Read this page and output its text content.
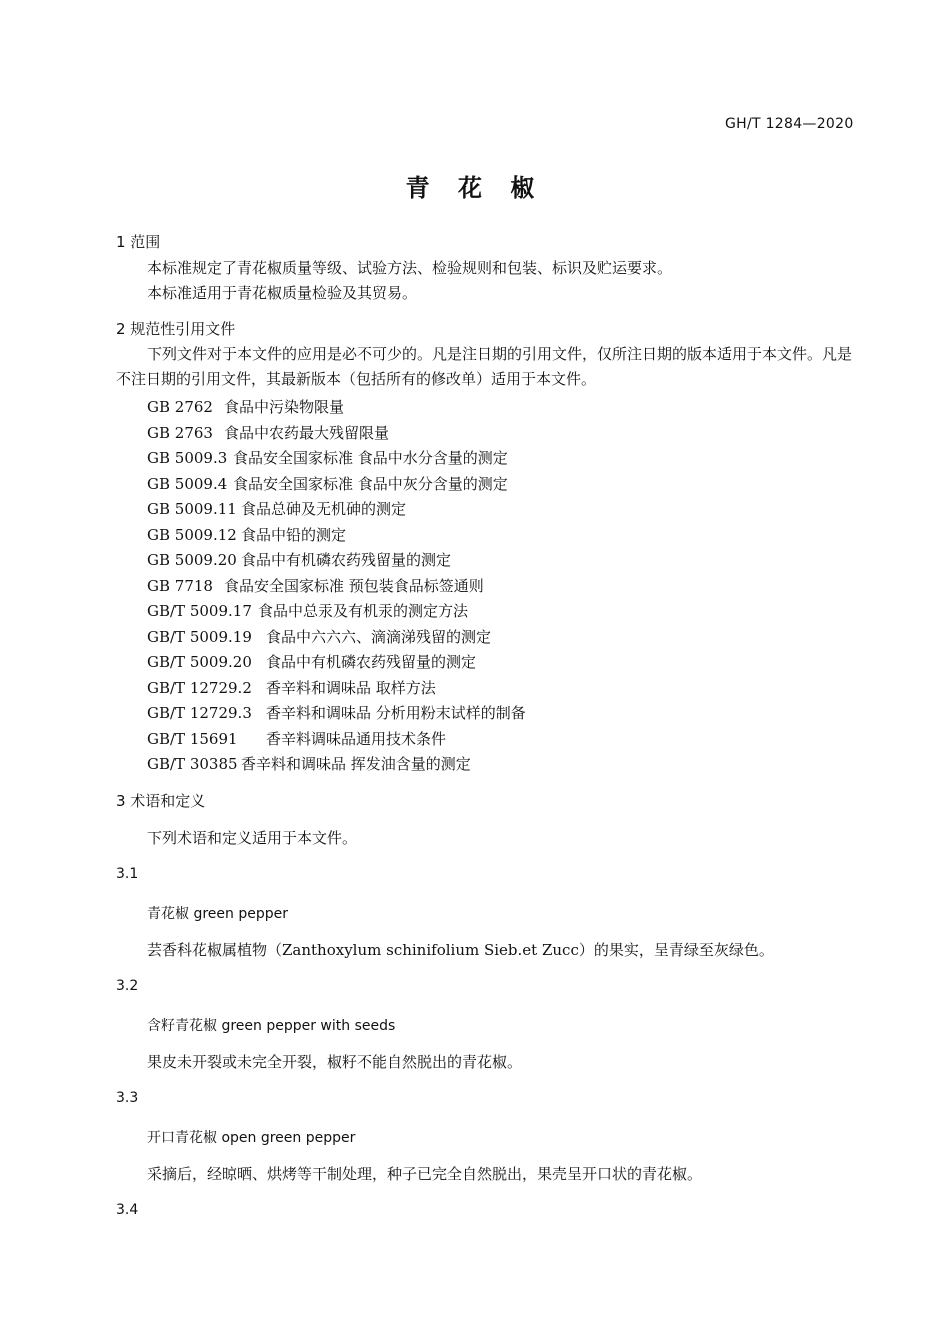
GH/T 1284—2020
青 花 椒
1 范围
本标准规定了青花椒质量等级、试验方法、检验规则和包装、标识及贮运要求。
本标准适用于青花椒质量检验及其贸易。
2 规范性引用文件
下列文件对于本文件的应用是必不可少的。凡是注日期的引用文件，仅所注日期的版本适用于本文件。凡是不注日期的引用文件，其最新版本（包括所有的修改单）适用于本文件。
GB 2762 食品中污染物限量
GB 2763 食品中农药最大残留限量
GB 5009.3 食品安全国家标准 食品中水分含量的测定
GB 5009.4 食品安全国家标准 食品中灰分含量的测定
GB 5009.11 食品总砷及无机砷的测定
GB 5009.12 食品中铅的测定
GB 5009.20 食品中有机磷农药残留量的测定
GB 7718 食品安全国家标准 预包装食品标签通则
GB/T 5009.17 食品中总汞及有机汞的测定方法
GB/T 5009.19 食品中六六六、滴滴涕残留的测定
GB/T 5009.20 食品中有机磷农药残留量的测定
GB/T 12729.2 香辛料和调味品 取样方法
GB/T 12729.3 香辛料和调味品 分析用粉末试样的制备
GB/T 15691 香辛料调味品通用技术条件
GB/T 30385 香辛料和调味品 挥发油含量的测定
3 术语和定义
下列术语和定义适用于本文件。
3.1
青花椒 green pepper
芸香科花椒属植物（Zanthoxylum schinifolium Sieb.et Zucc）的果实，呈青绿至灰绿色。
3.2
含籽青花椒 green pepper with seeds
果皮未开裂或未完全开裂，椒籽不能自然脱出的青花椒。
3.3
开口青花椒 open green pepper
采摘后，经晾晒、烘烤等干制处理，种子已完全自然脱出，果壳呈开口状的青花椒。
3.4
